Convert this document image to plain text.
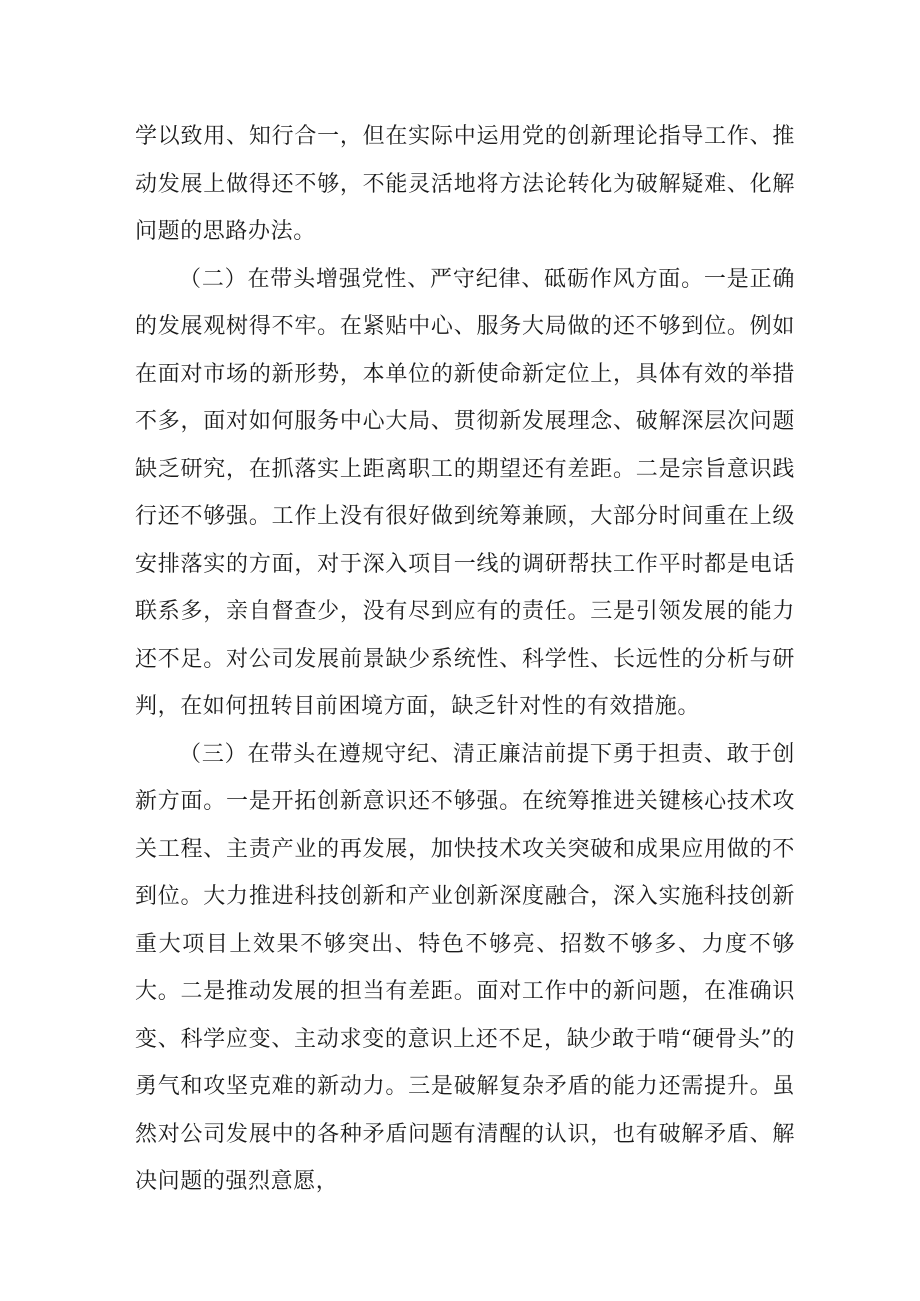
学以致用、知行合一，但在实际中运用党的创新理论指导工作、推动发展上做得还不够，不能灵活地将方法论转化为破解疑难、化解问题的思路办法。

（二）在带头增强党性、严守纪律、砥砺作风方面。一是正确的发展观树得不牢。在紧贴中心、服务大局做的还不够到位。例如在面对市场的新形势，本单位的新使命新定位上，具体有效的举措不多，面对如何服务中心大局、贯彻新发展理念、破解深层次问题缺乏研究，在抓落实上距离职工的期望还有差距。二是宗旨意识践行还不够强。工作上没有很好做到统筹兼顾，大部分时间重在上级安排落实的方面，对于深入项目一线的调研帮扶工作平时都是电话联系多，亲自督查少，没有尽到应有的责任。三是引领发展的能力还不足。对公司发展前景缺少系统性、科学性、长远性的分析与研判，在如何扭转目前困境方面，缺乏针对性的有效措施。

（三）在带头在遵规守纪、清正廉洁前提下勇于担责、敢于创新方面。一是开拓创新意识还不够强。在统筹推进关键核心技术攻关工程、主责产业的再发展，加快技术攻关突破和成果应用做的不到位。大力推进科技创新和产业创新深度融合，深入实施科技创新重大项目上效果不够突出、特色不够亮、招数不够多、力度不够大。二是推动发展的担当有差距。面对工作中的新问题，在准确识变、科学应变、主动求变的意识上还不足，缺少敢于啃“硬骨头”的勇气和攻坚克难的新动力。三是破解复杂矛盾的能力还需提升。虽然对公司发展中的各种矛盾问题有清醒的认识，也有破解矛盾、解决问题的强烈意愿，
